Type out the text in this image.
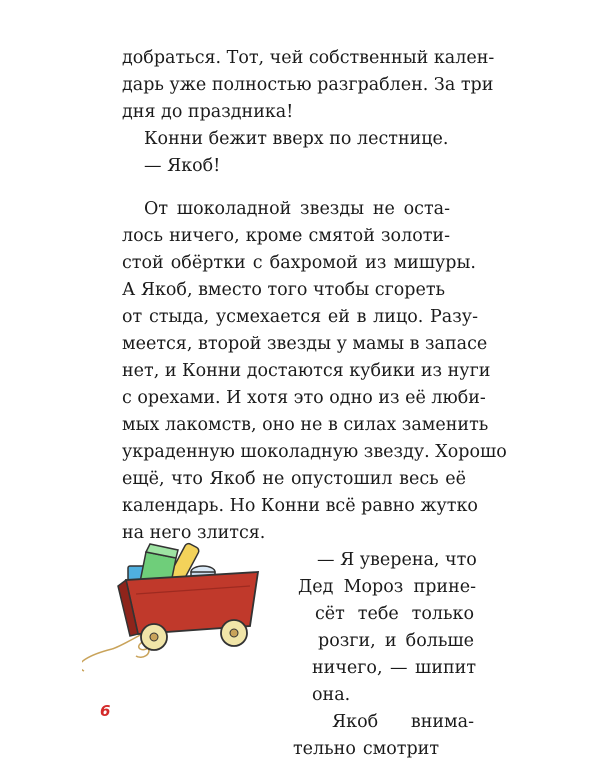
добраться. Тот, чей собственный кален-
дарь уже полностью разграблен. За три
дня до праздника!
Конни бежит вверх по лестнице.
— Якоб!
От шоколадной звезды не оста-
лось ничего, кроме смятой золоти-
стой обёртки с бахромой из мишуры.
А Якоб, вместо того чтобы сгореть
от стыда, усмехается ей в лицо. Разу-
меется, второй звезды у мамы в запасе
нет, и Конни достаются кубики из нуги
с орехами. И хотя это одно из её люби-
мых лакомств, оно не в силах заменить
украденную шоколадную звезду. Хорошо
ещё, что Якоб не опустошил весь её
календарь. Но Конни всё равно жутко
на него злится.
— Я уверена, что
Дед Мороз прине-
сёт тебе только
розги, и больше
ничего, — шипит
она.
Якоб внима-
тельно смотрит
6
